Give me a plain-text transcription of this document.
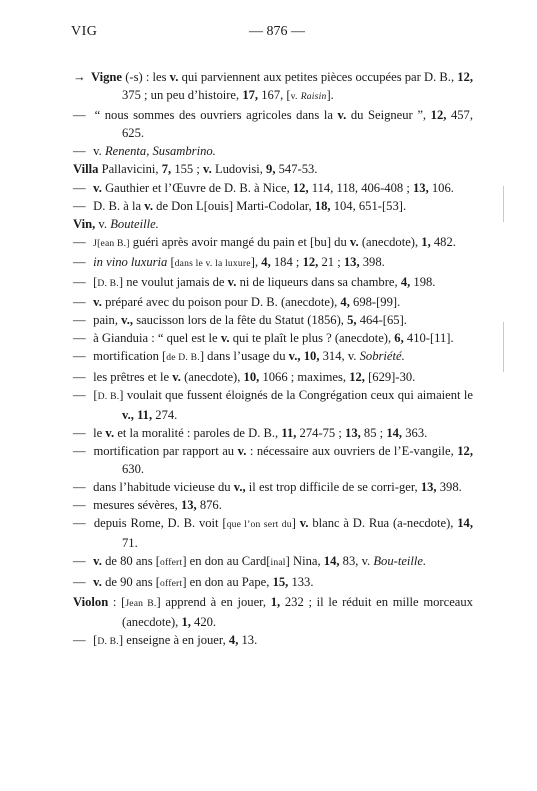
VIG	— 876 —
→ Vigne (-s) : les v. qui parviennent aux petites pièces occupées par D. B., 12, 375 ; un peu d’histoire, 17, 167, [v. Raisin].
— “ nous sommes des ouvriers agricoles dans la v. du Seigneur ”, 12, 457, 625.
— v. Renenta, Susambrino.
Villa Pallavicini, 7, 155 ; v. Ludovisi, 9, 547-53.
— v. Gauthier et l’Œuvre de D. B. à Nice, 12, 114, 118, 406-408 ; 13, 106.
— D. B. à la v. de Don L[ouis] Marti-Codolar, 18, 104, 651-[53].
Vin, v. Bouteille.
— J[ean B.] guéri après avoir mangé du pain et [bu] du v. (anecdote), 1, 482.
— in vino luxuria [dans le v. la luxure], 4, 184 ; 12, 21 ; 13, 398.
— [D. B.] ne voulut jamais de v. ni de liqueurs dans sa chambre, 4, 198.
— v. préparé avec du poison pour D. B. (anecdote), 4, 698-[99].
— pain, v., saucisson lors de la fête du Statut (1856), 5, 464-[65].
— à Gianduia : “ quel est le v. qui te plaît le plus ? (anecdote), 6, 410-[11].
— mortification [de D. B.] dans l’usage du v., 10, 314, v. Sobriété.
— les prêtres et le v. (anecdote), 10, 1066 ; maximes, 12, [629]-30.
— [D. B.] voulait que fussent éloignés de la Congrégation ceux qui aimaient le v., 11, 274.
— le v. et la moralité : paroles de D. B., 11, 274-75 ; 13, 85 ; 14, 363.
— mortification par rapport au v. : nécessaire aux ouvriers de l’E-vangile, 12, 630.
— dans l’habitude vicieuse du v., il est trop difficile de se corri-ger, 13, 398.
— mesures sévères, 13, 876.
— depuis Rome, D. B. voit [que l’on sert du] v. blanc à D. Rua (a-necdote), 14, 71.
— v. de 80 ans [offert] en don au Card[inal] Nina, 14, 83, v. Bou-teille.
— v. de 90 ans [offert] en don au Pape, 15, 133.
Violon : [Jean B.] apprend à en jouer, 1, 232 ; il le réduit en mille morceaux (anecdote), 1, 420.
— [D. B.] enseigne à en jouer, 4, 13.
